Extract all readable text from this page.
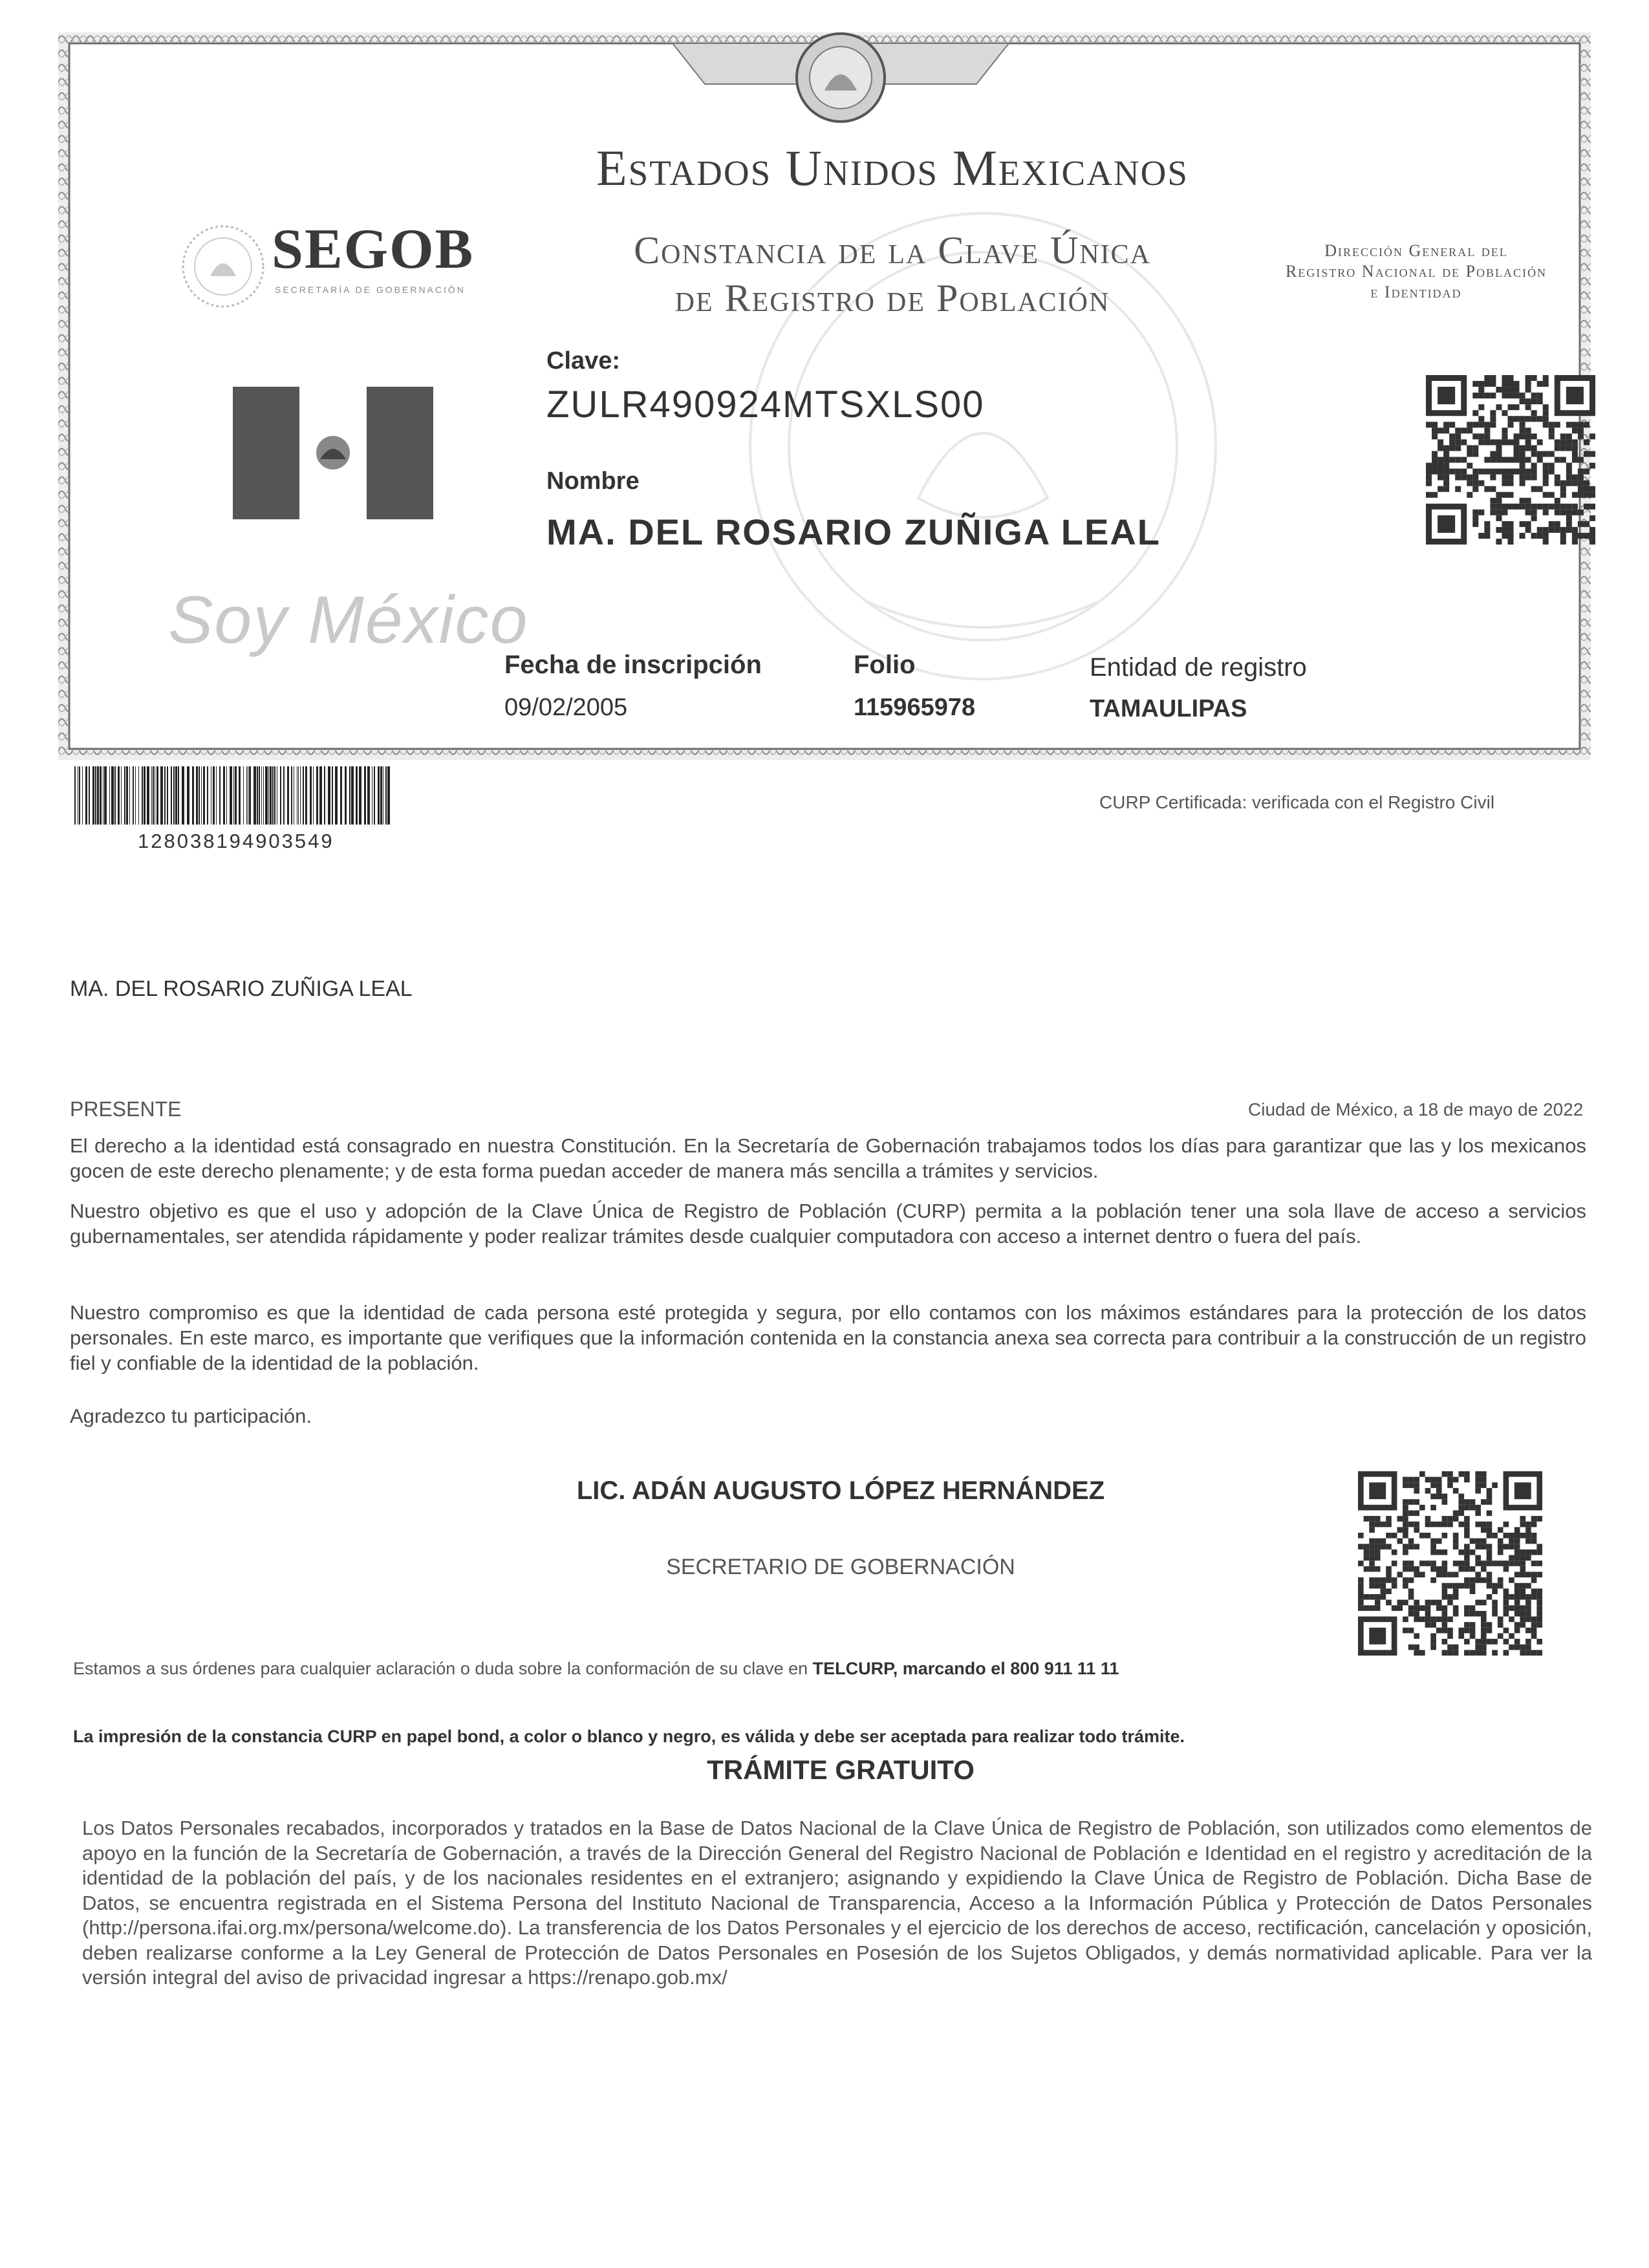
Estados Unidos Mexicanos
Constancia de la Clave Única
de Registro de Población
Dirección General del
Registro Nacional de Población
e Identidad
SEGOB
SECRETARÍA DE GOBERNACIÓN
Soy México
Clave:
ZULR490924MTSXLS00
Nombre
MA. DEL ROSARIO ZUÑIGA LEAL
Fecha de inscripción
09/02/2005
Folio
115965978
Entidad de registro
TAMAULIPAS
128038194903549
CURP Certificada: verificada con el Registro Civil
MA. DEL ROSARIO ZUÑIGA LEAL
PRESENTE	Ciudad de México, a 18 de mayo de 2022
El derecho a la identidad está consagrado en nuestra Constitución. En la Secretaría de Gobernación trabajamos todos los días para garantizar que las y los mexicanos gocen de este derecho plenamente; y de esta forma puedan acceder de manera más sencilla a trámites y servicios.
Nuestro objetivo es que el uso y adopción de la Clave Única de Registro de Población (CURP) permita a la población tener una sola llave de acceso a servicios gubernamentales, ser atendida rápidamente y poder realizar trámites desde cualquier computadora con acceso a internet dentro o fuera del país.
Nuestro compromiso es que la identidad de cada persona esté protegida y segura, por ello contamos con los máximos estándares para la protección de los datos personales. En este marco, es importante que verifiques que la información contenida en la constancia anexa sea correcta para contribuir a la construcción de un registro fiel y confiable de la identidad de la población.
Agradezco tu participación.
LIC. ADÁN AUGUSTO LÓPEZ HERNÁNDEZ
SECRETARIO DE GOBERNACIÓN
Estamos a sus órdenes para cualquier aclaración o duda sobre la conformación de su clave en TELCURP, marcando el 800 911 11 11
La impresión de la constancia CURP en papel bond, a color o blanco y negro, es válida y debe ser aceptada para realizar todo trámite.
TRÁMITE GRATUITO
Los Datos Personales recabados, incorporados y tratados en la Base de Datos Nacional de la Clave Única de Registro de Población, son utilizados como elementos de apoyo en la función de la Secretaría de Gobernación, a través de la Dirección General del Registro Nacional de Población e Identidad en el registro y acreditación de la identidad de la población del país, y de los nacionales residentes en el extranjero; asignando y expidiendo la Clave Única de Registro de Población. Dicha Base de Datos, se encuentra registrada en el Sistema Persona del Instituto Nacional de Transparencia, Acceso a la Información Pública y Protección de Datos Personales (http://persona.ifai.org.mx/persona/welcome.do). La transferencia de los Datos Personales y el ejercicio de los derechos de acceso, rectificación, cancelación y oposición, deben realizarse conforme a la Ley General de Protección de Datos Personales en Posesión de los Sujetos Obligados, y demás normatividad aplicable. Para ver la versión integral del aviso de privacidad ingresar a https://renapo.gob.mx/
